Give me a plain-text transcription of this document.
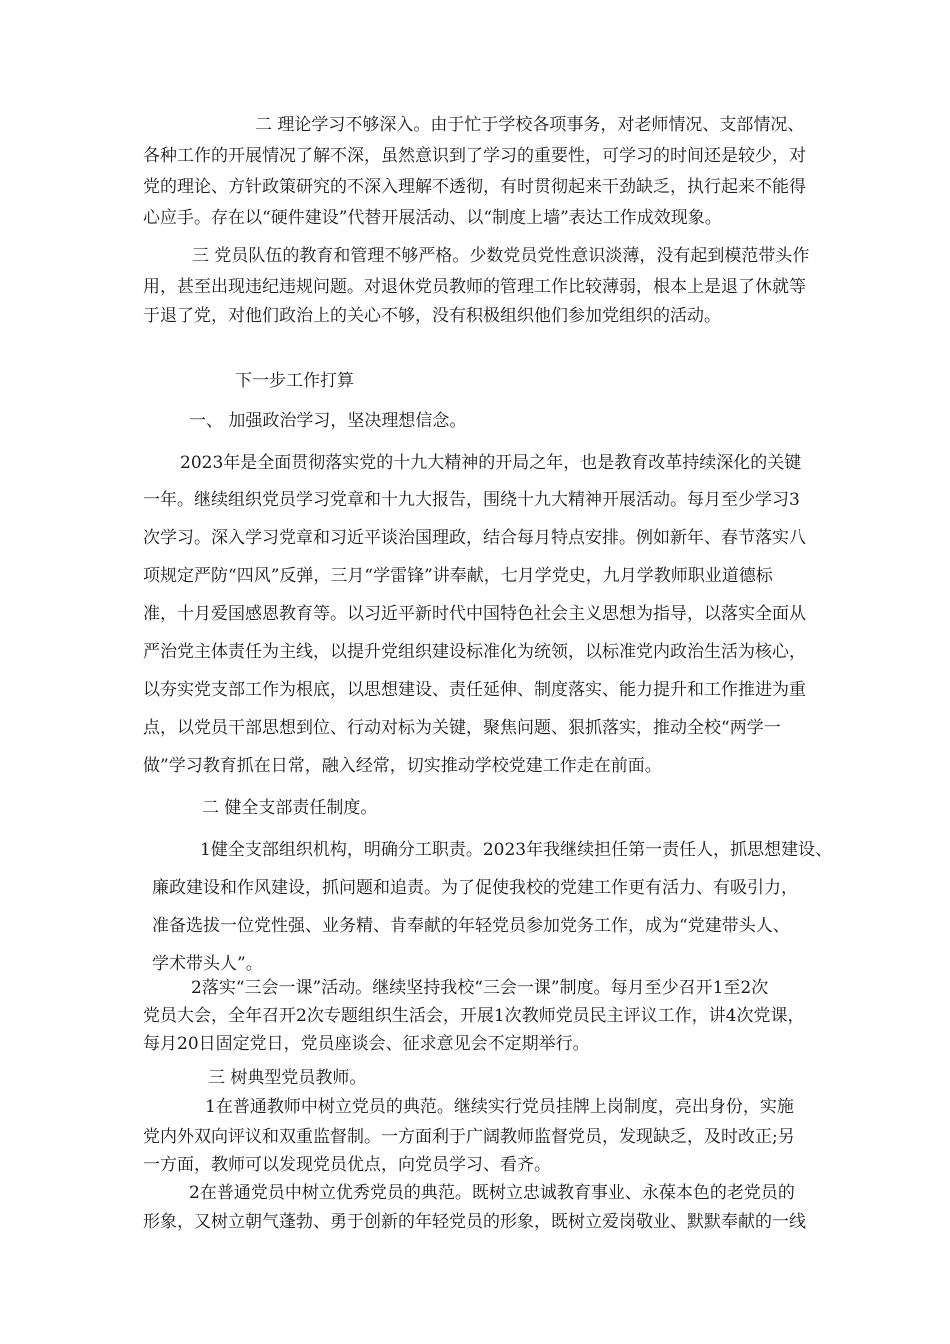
二 理论学习不够深入。由于忙于学校各项事务，对老师情况、支部情况、

各种工作的开展情况了解不深，虽然意识到了学习的重要性，可学习的时间还是较少，对

党的理论、方针政策研究的不深入理解不透彻，有时贯彻起来干劲缺乏，执行起来不能得

心应手。存在以“硬件建设”代替开展活动、以“制度上墙”表达工作成效现象。

三 党员队伍的教育和管理不够严格。少数党员党性意识淡薄，没有起到模范带头作

用，甚至出现违纪违规问题。对退休党员教师的管理工作比较薄弱，根本上是退了休就等

于退了党，对他们政治上的关心不够，没有积极组织他们参加党组织的活动。

下一步工作打算

一、 加强政治学习，坚决理想信念。

2023年是全面贯彻落实党的十九大精神的开局之年，也是教育改革持续深化的关键

一年。继续组织党员学习党章和十九大报告，围绕十九大精神开展活动。每月至少学习3

次学习。深入学习党章和习近平谈治国理政，结合每月特点安排。例如新年、春节落实八

项规定严防“四风”反弹，三月“学雷锋”讲奉献，七月学党史，九月学教师职业道德标

准，十月爱国感恩教育等。以习近平新时代中国特色社会主义思想为指导，以落实全面从

严治党主体责任为主线，以提升党组织建设标准化为统领，以标准党内政治生活为核心，

以夯实党支部工作为根底，以思想建设、责任延伸、制度落实、能力提升和工作推进为重

点，以党员干部思想到位、行动对标为关键，聚焦问题、狠抓落实，推动全校“两学一

做”学习教育抓在日常，融入经常，切实推动学校党建工作走在前面。

二 健全支部责任制度。

1健全支部组织机构，明确分工职责。2023年我继续担任第一责任人，抓思想建设、

廉政建设和作风建设，抓问题和追责。为了促使我校的党建工作更有活力、有吸引力，

准备选拔一位党性强、业务精、肯奉献的年轻党员参加党务工作，成为“党建带头人、

学术带头人”。

2落实“三会一课”活动。继续坚持我校“三会一课”制度。每月至少召开1至2次

党员大会，全年召开2次专题组织生活会，开展1次教师党员民主评议工作，讲4次党课，

每月20日固定党日，党员座谈会、征求意见会不定期举行。

三 树典型党员教师。

1在普通教师中树立党员的典范。继续实行党员挂牌上岗制度，亮出身份，实施

党内外双向评议和双重监督制。一方面利于广阔教师监督党员，发现缺乏，及时改正;另

一方面，教师可以发现党员优点，向党员学习、看齐。

2在普通党员中树立优秀党员的典范。既树立忠诚教育事业、永葆本色的老党员的

形象，又树立朝气蓬勃、勇于创新的年轻党员的形象，既树立爱岗敬业、默默奉献的一线
